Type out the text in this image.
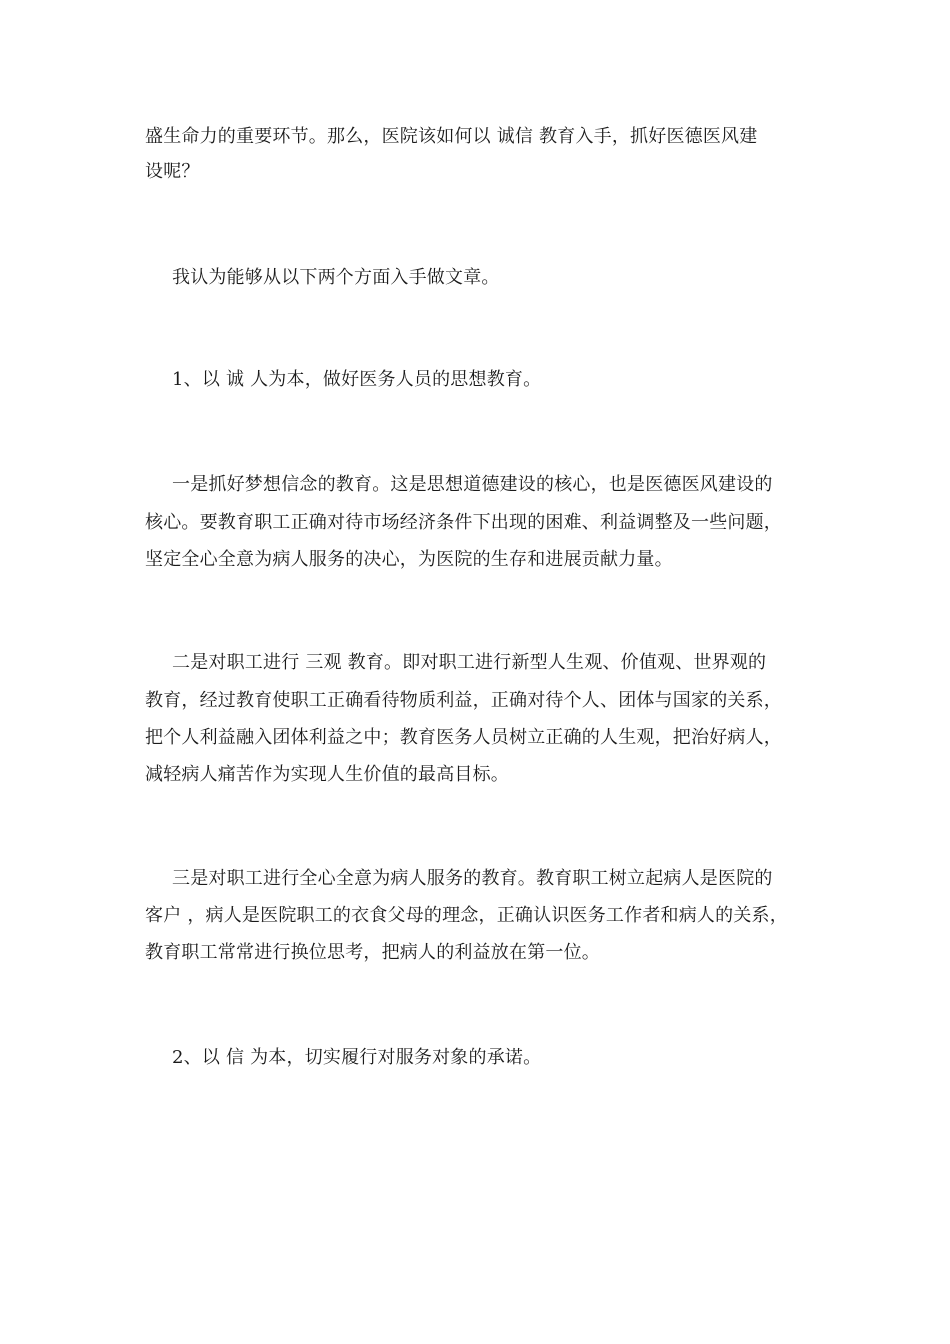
盛生命力的重要环节。那么，医院该如何以 诚信 教育入手，抓好医德医风建
设呢？
我认为能够从以下两个方面入手做文章。
1、以 诚 人为本，做好医务人员的思想教育。
一是抓好梦想信念的教育。这是思想道德建设的核心，也是医德医风建设的
核心。要教育职工正确对待市场经济条件下出现的困难、利益调整及一些问题，
坚定全心全意为病人服务的决心，为医院的生存和进展贡献力量。
二是对职工进行 三观 教育。即对职工进行新型人生观、价值观、世界观的
教育，经过教育使职工正确看待物质利益，正确对待个人、团体与国家的关系，
把个人利益融入团体利益之中；教育医务人员树立正确的人生观，把治好病人，
减轻病人痛苦作为实现人生价值的最高目标。
三是对职工进行全心全意为病人服务的教育。教育职工树立起病人是医院的
客户 ，病人是医院职工的衣食父母的理念，正确认识医务工作者和病人的关系，
教育职工常常进行换位思考，把病人的利益放在第一位。
2、以 信 为本，切实履行对服务对象的承诺。
